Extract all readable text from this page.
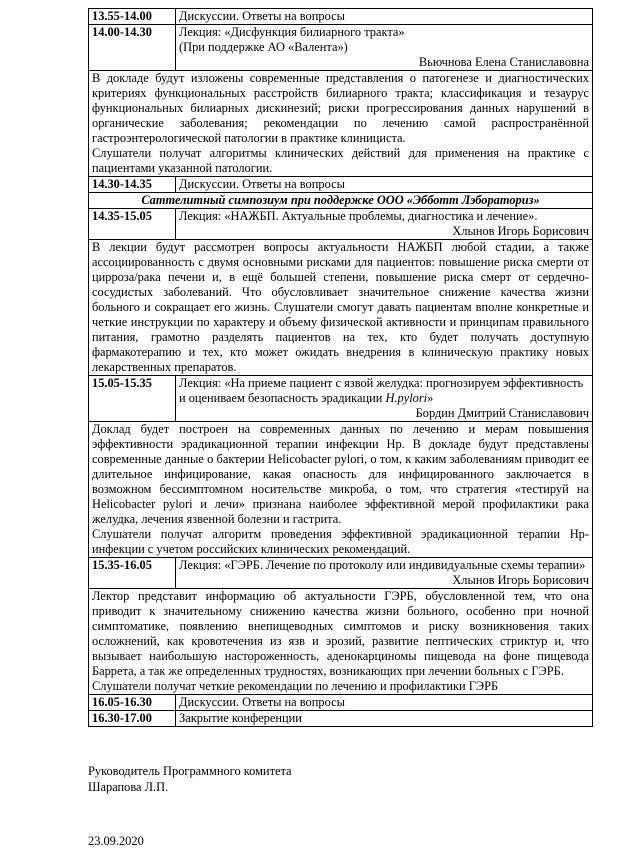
13.55-14.00	Дискуссии. Ответы на вопросы
14.00-14.30	Лекция: «Дисфункция билиарного тракта»
(При поддержке АО «Валента»)
Вьючнова Елена Станиславовна

В докладе будут изложены современные представления о патогенезе и диагностических критериях функциональных расстройств билиарного тракта; классификация и тезаурус функциональных билиарных дискинезий; риски прогрессирования данных нарушений в органические заболевания; рекомендации по лечению самой распространённой гастроэнтерологической патологии в практике клинициста.
Слушатели получат алгоритмы клинических действий для применения на практике с пациентами указанной патологии.	

14.30-14.35	Дискуссии. Ответы на вопросы
Саттелитный симпозиум при поддержке ООО «Эбботт Лэбораториз»	
14.35-15.05	Лекция: «НАЖБП. Актуальные проблемы, диагностика и лечение».
Хлынов Игорь Борисович

В лекции будут рассмотрен вопросы актуальности НАЖБП любой стадии, а также ассоциированность с двумя основными рисками для пациентов: повышение риска смерти от цирроза/рака печени и, в ещё большей степени, повышение риска смерт от сердечно-сосудистых заболеваний. Что обусловливает значительное снижение качества жизни больного и сокращает его жизнь. Слушатели смогут давать пациентам вполне конкретные и четкие инструкции по характеру и объему физической активности и принципам правильного питания, грамотно разделять пациентов на тех, кто будет получать доступную фармакотерапию и тех, кто может ожидать внедрения в клиническую практику новых лекарственных препаратов.	

15.05-15.35	Лекция: «На приеме пациент с язвой желудка: прогнозируем эффективность и оцениваем безопасность эрадикации H.pylori»
Бордин Дмитрий Станиславович

Доклад будет построен на современных данных по лечению и мерам повышения эффективности эрадикационной терапии инфекции Hp. В докладе будут представлены современные данные о бактерии Helicobacter pylori, о том, к каким заболеваниям приводит ее длительное инфицирование, какая опасность для инфицированного заключается в возможном бессимптомном носительстве микроба, о том, что стратегия «тестируй на Helicobacter pylori и лечи» признана наиболее эффективной мерой профилактики рака желудка, лечения язвенной болезни и гастрита.
Слушатели получат алгоритм проведения эффективной эрадикационной терапии Hp-инфекции с учетом российских клинических рекомендаций.	

15.35-16.05	Лекция: «ГЭРБ. Лечение по протоколу или индивидуальные схемы терапии»
Хлынов Игорь Борисович

Лектор представит информацию об актуальности ГЭРБ, обусловленной тем, что она приводит к значительному снижению качества жизни больного, особенно при ночной симптоматике, появлению внепищеводных симптомов и риску возникновения таких осложнений, как кровотечения из язв и эрозий, развитие пептических стриктур и, что вызывает наибольшую настороженность, аденокарциномы пищевода на фоне пищевода Баррета, а так же определенных трудностях, возникающих при лечении больных с ГЭРБ.
Слушатели получат четкие рекомендации по лечению и профилактики ГЭРБ	

16.05-16.30	Дискуссии. Ответы на вопросы
16.30-17.00	Закрытие конференции
Руководитель Программного комитета
Шарапова Л.П.
23.09.2020
